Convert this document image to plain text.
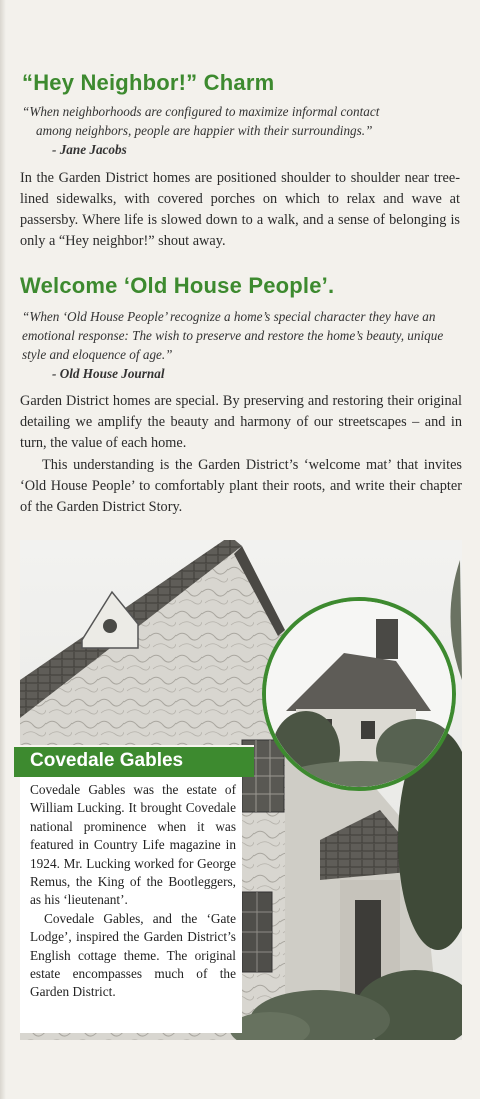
“Hey Neighbor!” Charm

“When neighborhoods are configured to maximize informal contact

among neighbors, people are happier with their surroundings.”
- Jane Jacobs

In the Garden District homes are positioned shoulder to shoulder near tree-lined sidewalks, with covered porches on which to relax and wave at passersby. Where life is slowed down to a walk, and a sense of belonging is only a “Hey neighbor!” shout away.

Welcome ‘Old House People’.

“When ‘Old House People’ recognize a home’s special character they have an emotional response: The wish to preserve and restore the home’s beauty, unique style and eloquence of age.”
- Old House Journal

Garden District homes are special. By preserving and restoring their original detailing we amplify the beauty and harmony of our streetscapes – and in turn, the value of each home.

This understanding is the Garden District’s ‘welcome mat’ that invites ‘Old House People’ to comfortably plant their roots, and write their chapter of the Garden District Story.

Covedale Gables

Covedale Gables was the estate of William Lucking. It brought Covedale national prominence when it was featured in Country Life magazine in 1924. Mr. Lucking worked for George Remus, the King of the Bootleggers, as his ‘lieutenant’.

Covedale Gables, and the ‘Gate Lodge’, inspired the Garden District’s English cottage theme. The original estate encompasses much of the Garden District.
